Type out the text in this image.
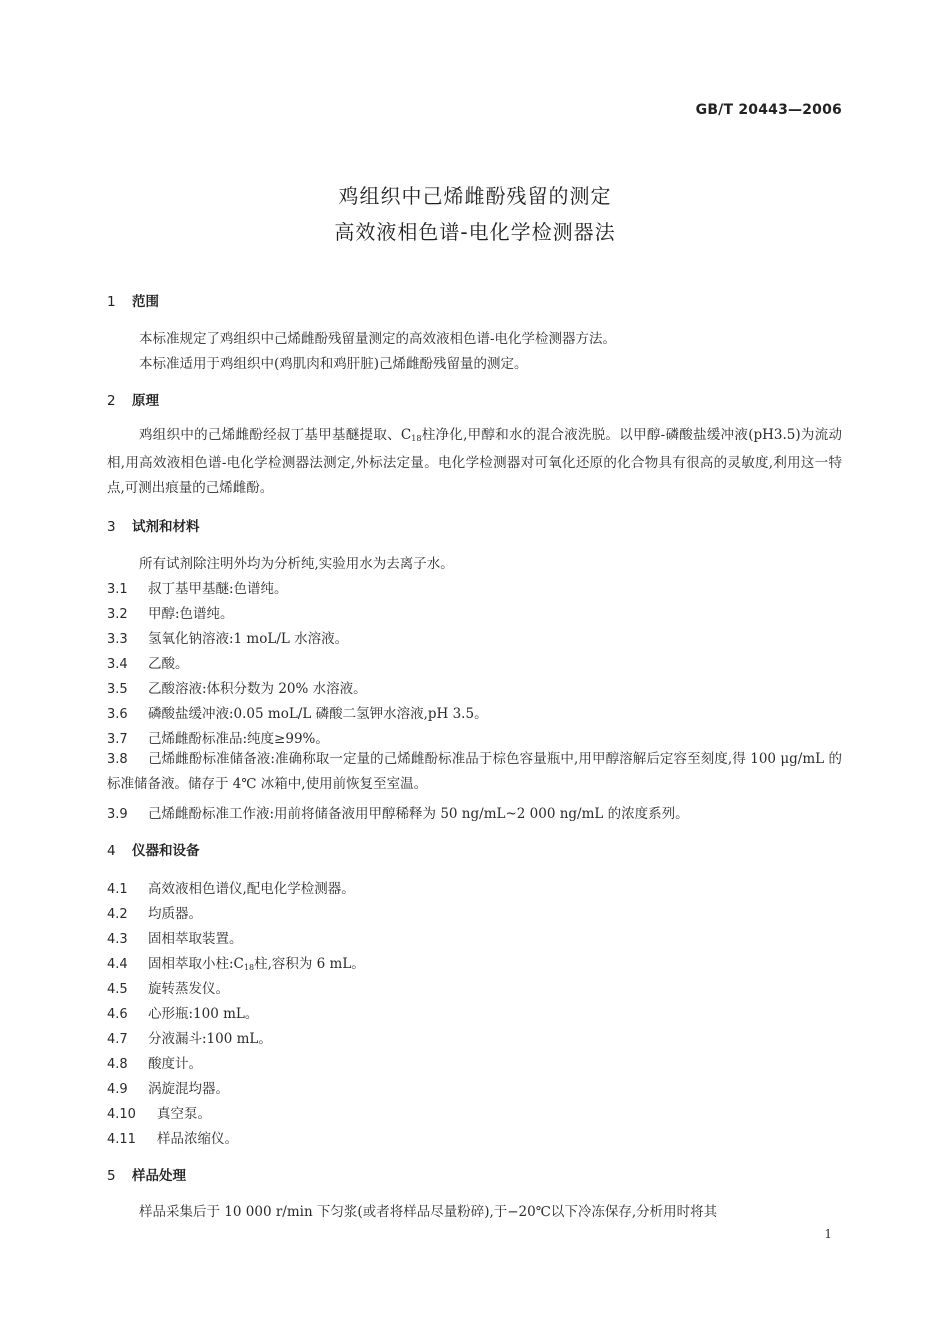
GB/T 20443—2006
鸡组织中己烯雌酚残留的测定
高效液相色谱-电化学检测器法
1 范围
本标准规定了鸡组织中己烯雌酚残留量测定的高效液相色谱-电化学检测器方法。
本标准适用于鸡组织中(鸡肌肉和鸡肝脏)己烯雌酚残留量的测定。
2 原理
鸡组织中的己烯雌酚经叔丁基甲基醚提取、$C_{18}$柱净化,甲醇和水的混合液洗脱。以甲醇-磷酸盐缓冲液(pH3.5)为流动相,用高效液相色谱-电化学检测器法测定,外标法定量。电化学检测器对可氧化还原的化合物具有很高的灵敏度,利用这一特点,可测出痕量的己烯雌酚。
3 试剂和材料
所有试剂除注明外均为分析纯,实验用水为去离子水。
3.1 叔丁基甲基醚:色谱纯。
3.2 甲醇:色谱纯。
3.3 氢氧化钠溶液:1 moL/L 水溶液。
3.4 乙酸。
3.5 乙酸溶液:体积分数为 20% 水溶液。
3.6 磷酸盐缓冲液:0.05 moL/L 磷酸二氢钾水溶液,pH 3.5。
3.7 己烯雌酚标准品:纯度≥99%。
3.8 己烯雌酚标准储备液:准确称取一定量的己烯雌酚标准品于棕色容量瓶中,用甲醇溶解后定容至刻度,得 100 μg/mL 的标准储备液。储存于 4℃ 冰箱中,使用前恢复至室温。
3.9 己烯雌酚标准工作液:用前将储备液用甲醇稀释为 50 ng/mL~2 000 ng/mL 的浓度系列。
4 仪器和设备
4.1 高效液相色谱仪,配电化学检测器。
4.2 均质器。
4.3 固相萃取装置。
4.4 固相萃取小柱$:C_{18}$柱,容积为 6 mL。
4.5 旋转蒸发仪。
4.6 心形瓶:100 mL。
4.7 分液漏斗:100 mL。
4.8 酸度计。
4.9 涡旋混均器。
4.10 真空泵。
4.11 样品浓缩仪。
5 样品处理
样品采集后于 10 000 r/min 下匀浆(或者将样品尽量粉碎),于−20℃以下冷冻保存,分析用时将其
1
